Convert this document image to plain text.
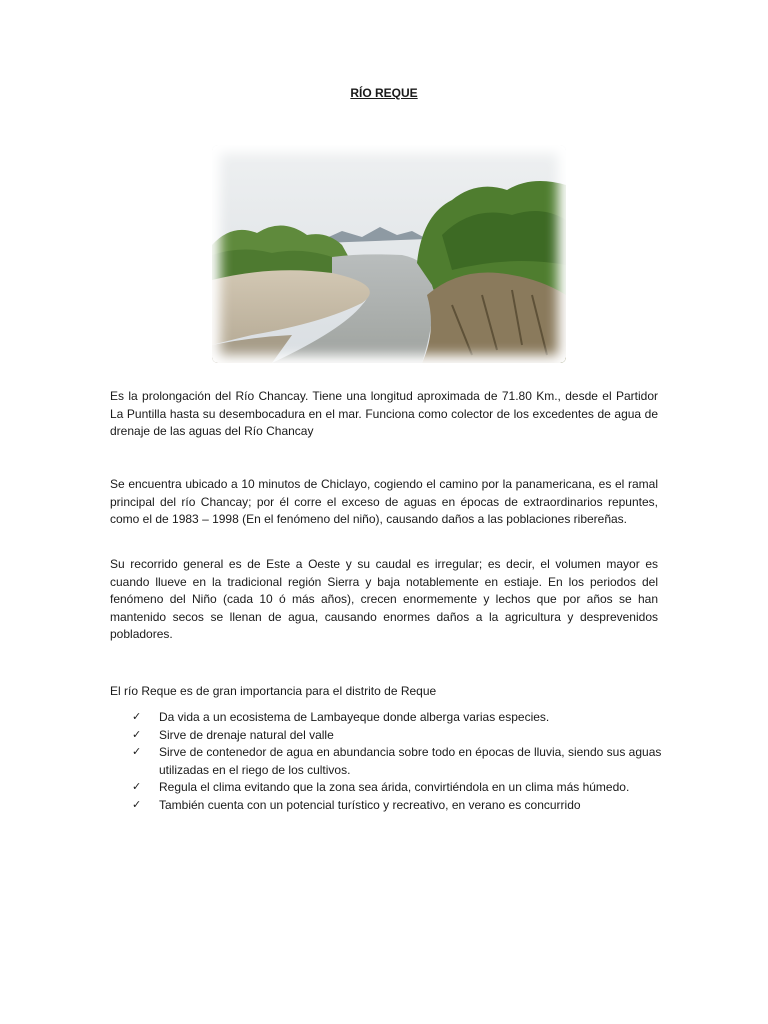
RÍO REQUE

Es la prolongación del Río Chancay. Tiene una longitud aproximada de 71.80 Km., desde el Partidor La Puntilla hasta su desembocadura en el mar. Funciona como colector de los excedentes de agua de drenaje de las aguas del Río Chancay

Se encuentra ubicado a 10 minutos de Chiclayo, cogiendo el camino por la panamericana, es el ramal principal del río Chancay; por él corre el exceso de aguas en épocas de extraordinarios repuntes, como el de 1983 – 1998 (En el fenómeno del niño), causando daños a las poblaciones ribereñas.

Su recorrido general es de Este a Oeste y su caudal es irregular; es decir, el volumen mayor es cuando llueve en la tradicional región Sierra y baja notablemente en estiaje. En los periodos del fenómeno del Niño (cada 10 ó más años), crecen enormemente y lechos que por años se han mantenido secos se llenan de agua, causando enormes daños a la agricultura y desprevenidos pobladores.

El río Reque es de gran importancia para el distrito de Reque

✓	Da vida a un ecosistema de Lambayeque donde alberga varias especies.
✓	Sirve de drenaje natural del valle
✓	Sirve de contenedor de agua en abundancia sobre todo en épocas de lluvia, siendo sus aguas utilizadas en el riego de los cultivos.
✓	Regula el clima evitando que la zona sea árida, convirtiéndola en un clima más húmedo.
✓	También cuenta con un potencial turístico y recreativo, en verano es concurrido
